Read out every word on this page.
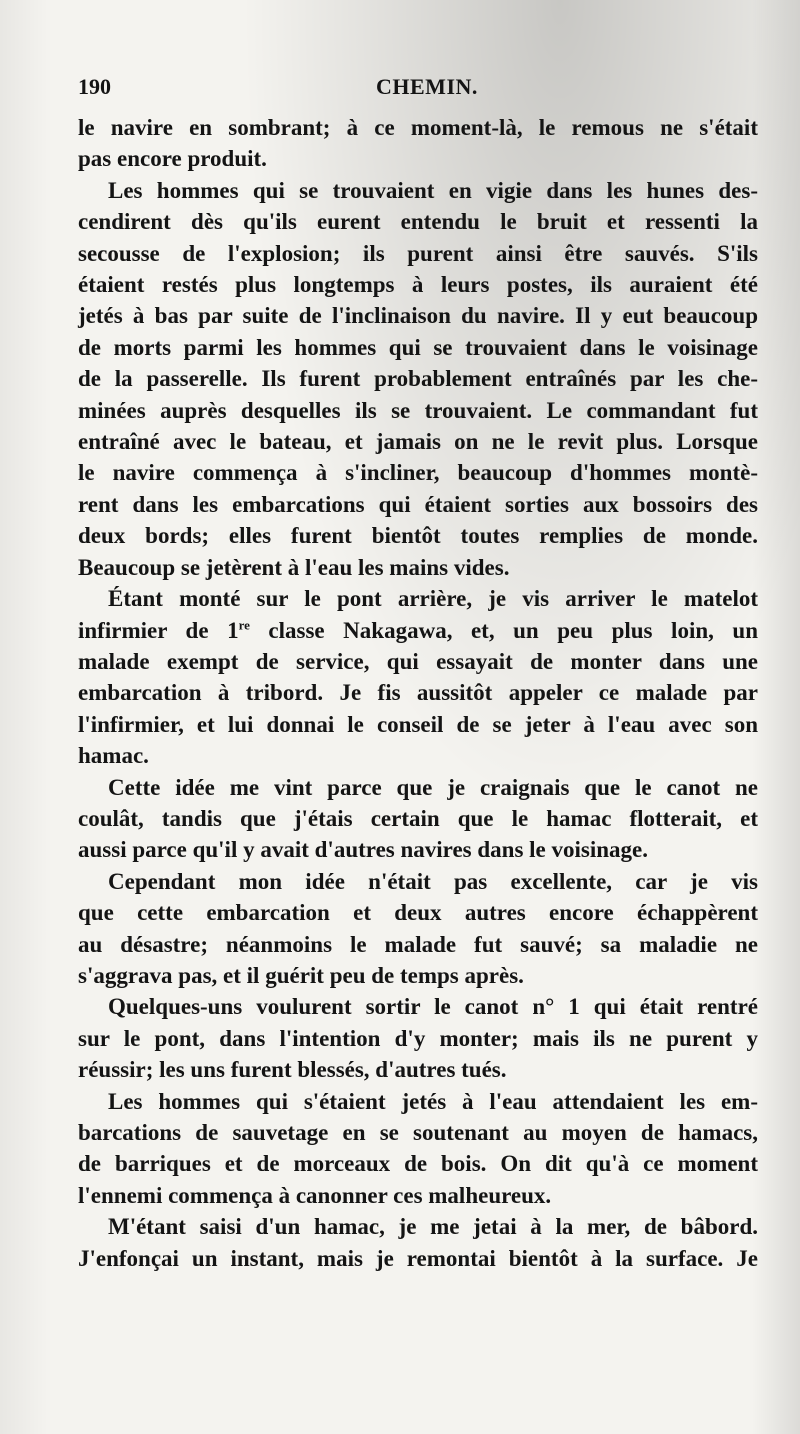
190	CHEMIN.
le navire en sombrant; à ce moment-là, le remous ne s'était
pas encore produit.
Les hommes qui se trouvaient en vigie dans les hunes des-
cendirent dès qu'ils eurent entendu le bruit et ressenti la
secousse de l'explosion; ils purent ainsi être sauvés. S'ils
étaient restés plus longtemps à leurs postes, ils auraient été
jetés à bas par suite de l'inclinaison du navire. Il y eut beaucoup
de morts parmi les hommes qui se trouvaient dans le voisinage
de la passerelle. Ils furent probablement entraînés par les che-
minées auprès desquelles ils se trouvaient. Le commandant fut
entraîné avec le bateau, et jamais on ne le revit plus. Lorsque
le navire commença à s'incliner, beaucoup d'hommes montè-
rent dans les embarcations qui étaient sorties aux bossoirs des
deux bords; elles furent bientôt toutes remplies de monde.
Beaucoup se jetèrent à l'eau les mains vides.
Étant monté sur le pont arrière, je vis arriver le matelot
infirmier de 1re classe Nakagawa, et, un peu plus loin, un
malade exempt de service, qui essayait de monter dans une
embarcation à tribord. Je fis aussitôt appeler ce malade par
l'infirmier, et lui donnai le conseil de se jeter à l'eau avec son
hamac.
Cette idée me vint parce que je craignais que le canot ne
coulât, tandis que j'étais certain que le hamac flotterait, et
aussi parce qu'il y avait d'autres navires dans le voisinage.
Cependant mon idée n'était pas excellente, car je vis
que cette embarcation et deux autres encore échappèrent
au désastre; néanmoins le malade fut sauvé; sa maladie ne
s'aggrava pas, et il guérit peu de temps après.
Quelques-uns voulurent sortir le canot n° 1 qui était rentré
sur le pont, dans l'intention d'y monter; mais ils ne purent y
réussir; les uns furent blessés, d'autres tués.
Les hommes qui s'étaient jetés à l'eau attendaient les em-
barcations de sauvetage en se soutenant au moyen de hamacs,
de barriques et de morceaux de bois. On dit qu'à ce moment
l'ennemi commença à canonner ces malheureux.
M'étant saisi d'un hamac, je me jetai à la mer, de bâbord.
J'enfonçai un instant, mais je remontai bientôt à la surface. Je
